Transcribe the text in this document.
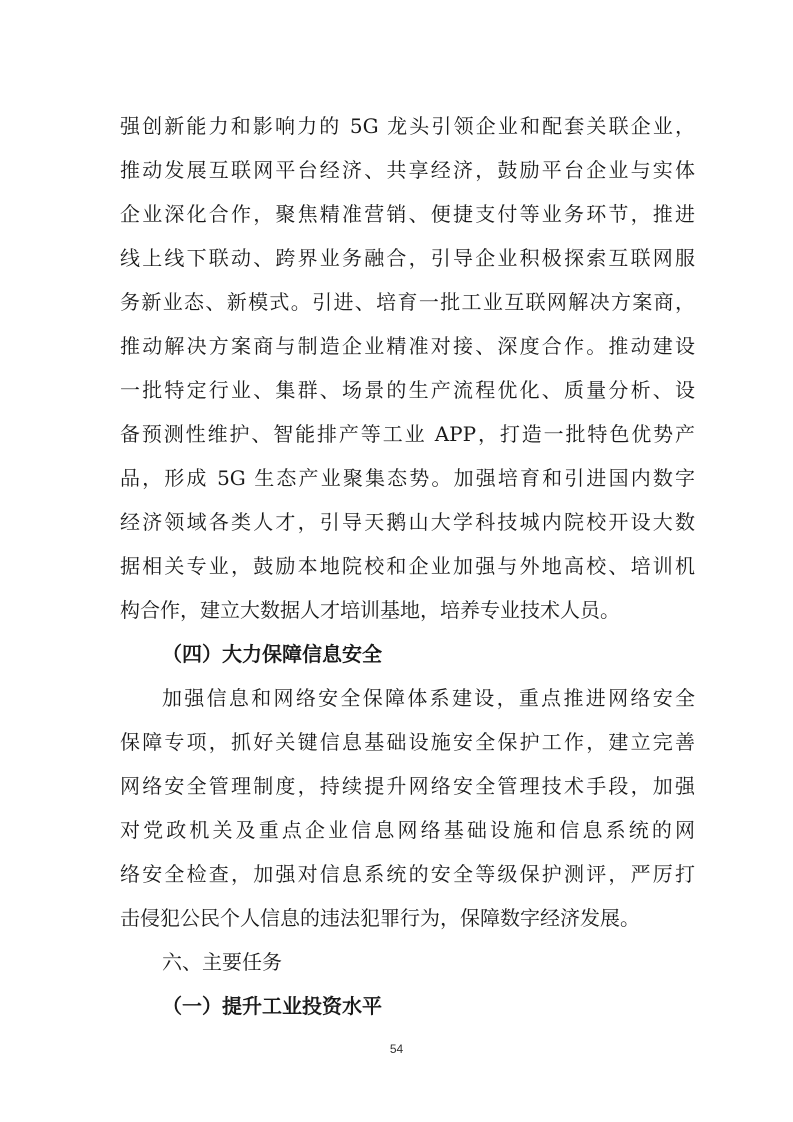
强创新能力和影响力的 5G 龙头引领企业和配套关联企业，
推动发展互联网平台经济、共享经济，鼓励平台企业与实体
企业深化合作，聚焦精准营销、便捷支付等业务环节，推进
线上线下联动、跨界业务融合，引导企业积极探索互联网服
务新业态、新模式。引进、培育一批工业互联网解决方案商，
推动解决方案商与制造企业精准对接、深度合作。推动建设
一批特定行业、集群、场景的生产流程优化、质量分析、设
备预测性维护、智能排产等工业 APP，打造一批特色优势产
品，形成 5G 生态产业聚集态势。加强培育和引进国内数字
经济领域各类人才，引导天鹅山大学科技城内院校开设大数
据相关专业，鼓励本地院校和企业加强与外地高校、培训机
构合作，建立大数据人才培训基地，培养专业技术人员。
（四）大力保障信息安全
加强信息和网络安全保障体系建设，重点推进网络安全
保障专项，抓好关键信息基础设施安全保护工作，建立完善
网络安全管理制度，持续提升网络安全管理技术手段，加强
对党政机关及重点企业信息网络基础设施和信息系统的网
络安全检查，加强对信息系统的安全等级保护测评，严厉打
击侵犯公民个人信息的违法犯罪行为，保障数字经济发展。
六、主要任务
（一）提升工业投资水平
54
